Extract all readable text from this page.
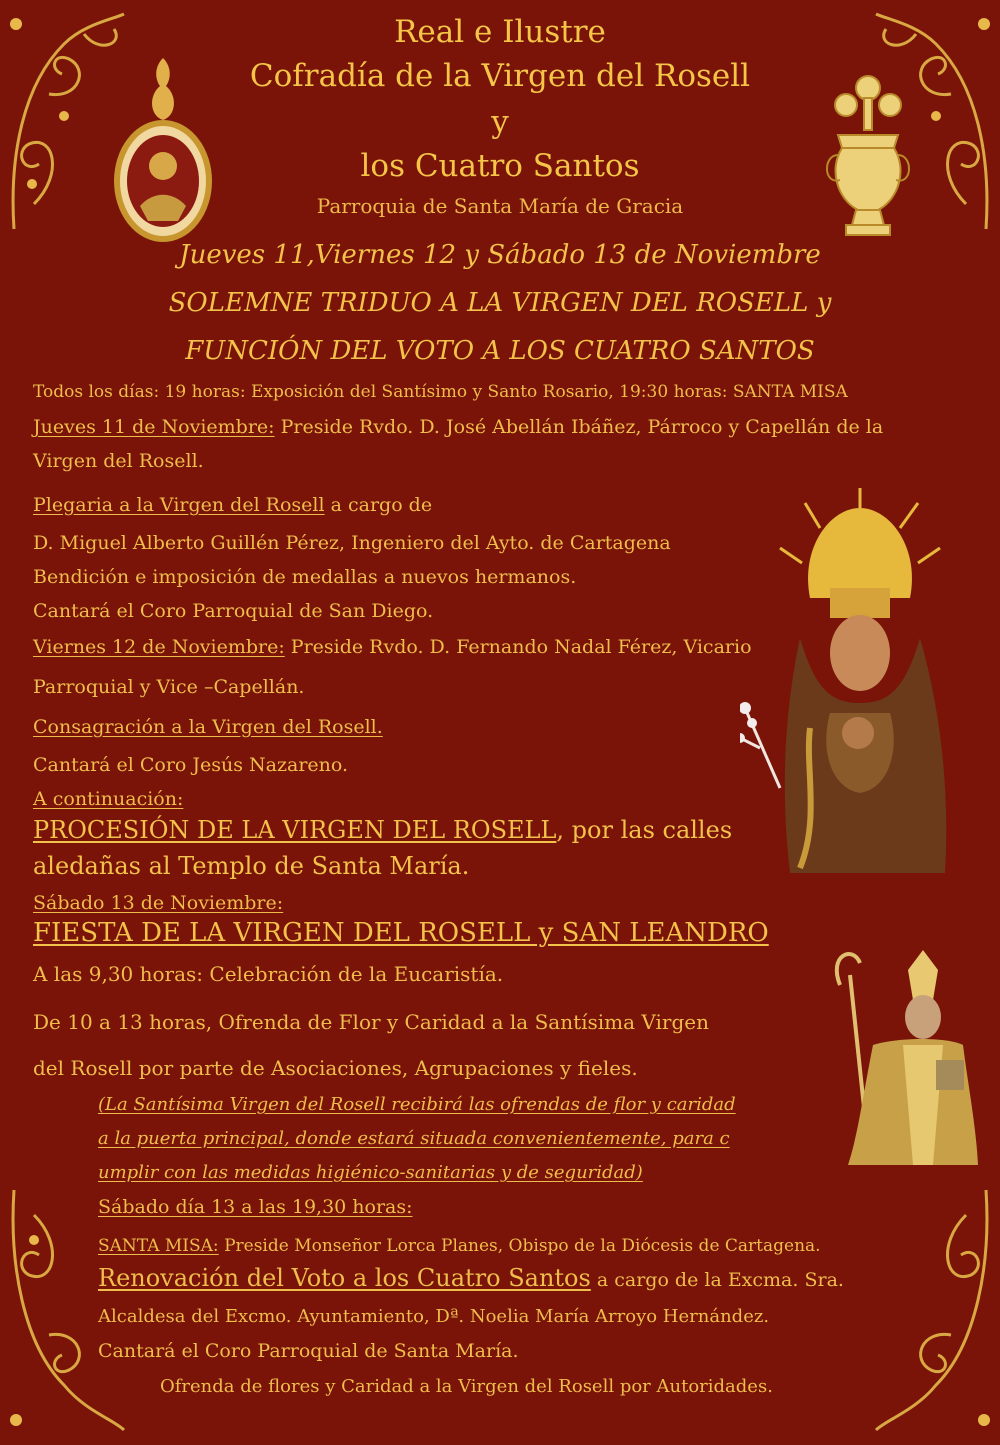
Real e Ilustre
Cofradía de la Virgen del Rosell
y
los Cuatro Santos
Parroquia de Santa María de Gracia
Jueves 11,Viernes 12 y Sábado 13 de Noviembre
SOLEMNE TRIDUO A LA VIRGEN DEL ROSELL y
FUNCIÓN DEL VOTO A LOS CUATRO SANTOS
Todos los días: 19 horas: Exposición del Santísimo y Santo Rosario, 19:30 horas: SANTA MISA
Jueves 11 de Noviembre: Preside Rvdo. D. José Abellán Ibáñez, Párroco y Capellán de la
Virgen del Rosell.
Plegaria a la Virgen del Rosell a cargo de
D. Miguel Alberto Guillén Pérez, Ingeniero del Ayto. de Cartagena
Bendición e imposición de medallas a nuevos hermanos.
Cantará el Coro Parroquial de San Diego.
Viernes 12 de Noviembre: Preside Rvdo. D. Fernando Nadal Férez, Vicario
Parroquial y Vice –Capellán.
Consagración a la Virgen del Rosell.
Cantará el Coro Jesús Nazareno.
A continuación:
PROCESIÓN DE LA VIRGEN DEL ROSELL, por las calles
aledañas al Templo de Santa María.
Sábado 13 de Noviembre:
FIESTA DE LA VIRGEN DEL ROSELL y SAN LEANDRO
A las 9,30 horas: Celebración de la Eucaristía.
De 10 a 13 horas, Ofrenda de Flor y Caridad a la Santísima Virgen
del Rosell por parte de Asociaciones, Agrupaciones y fieles.
(La Santísima Virgen del Rosell recibirá las ofrendas de flor y caridad
a la puerta principal, donde estará situada convenientemente, para c
umplir con las medidas higiénico-sanitarias y de seguridad)
Sábado día 13 a las 19,30 horas:
SANTA MISA: Preside Monseñor Lorca Planes, Obispo de la Diócesis de Cartagena.
Renovación del Voto a los Cuatro Santos a cargo de la Excma. Sra.
Alcaldesa del Excmo. Ayuntamiento, Dª. Noelia María Arroyo Hernández.
Cantará el Coro Parroquial de Santa María.
Ofrenda de flores y Caridad a la Virgen del Rosell por Autoridades.
